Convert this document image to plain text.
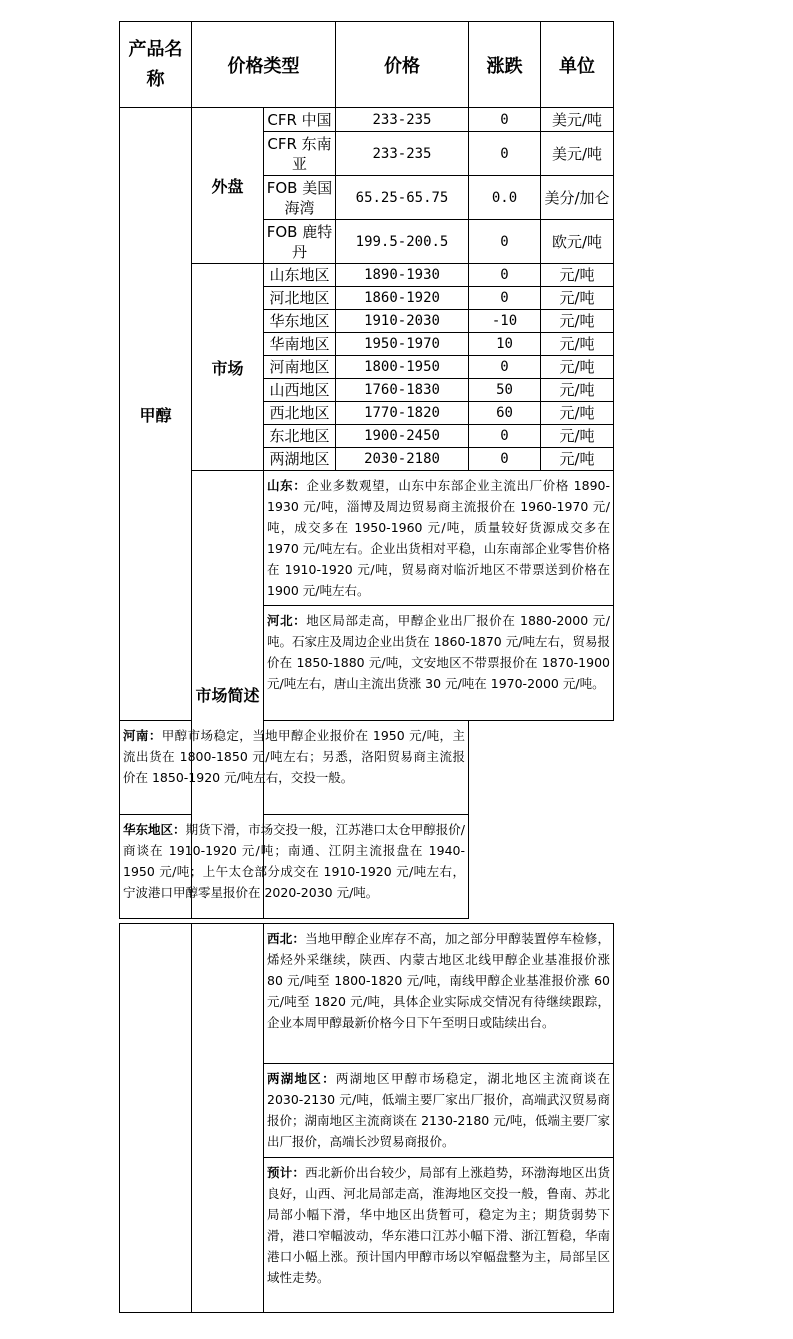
产品名称	价格类型		价格	涨跌	单位
甲醇	外盘	CFR 中国	233-235	0	美元/吨
		CFR 东南亚	233-235	0	美元/吨
		FOB 美国海湾	65.25-65.75	0.0	美分/加仑
		FOB 鹿特丹	199.5-200.5	0	欧元/吨
	市场	山东地区	1890-1930	0	元/吨
		河北地区	1860-1920	0	元/吨
		华东地区	1910-2030	-10	元/吨
		华南地区	1950-1970	10	元/吨
		河南地区	1800-1950	0	元/吨
		山西地区	1760-1830	50	元/吨
		西北地区	1770-1820	60	元/吨
		东北地区	1900-2450	0	元/吨
		两湖地区	2030-2180	0	元/吨
	市场简述	山东：企业多数观望，山东中东部企业主流出厂价格 1890-1930 元/吨，淄博及周边贸易商主流报价在 1960-1970 元/吨，成交多在 1950-1960 元/吨，质量较好货源成交多在 1970 元/吨左右。企业出货相对平稳，山东南部企业零售价格在 1910-1920 元/吨，贸易商对临沂地区不带票送到价格在 1900 元/吨左右。			
		河北：地区局部走高，甲醇企业出厂报价在 1880-2000 元/吨。石家庄及周边企业出货在 1860-1870 元/吨左右，贸易报价在 1850-1880 元/吨，文安地区不带票报价在 1870-1900 元/吨左右，唐山主流出货涨 30 元/吨在 1970-2000 元/吨。			
河南：甲醇市场稳定，当地甲醇企业报价在 1950 元/吨，主流出货在 1800-1850 元/吨左右；另悉，洛阳贸易商主流报价在 1850-1920 元/吨左右，交投一般。					
华东地区：期货下滑，市场交投一般，江苏港口太仓甲醇报价/商谈在 1910-1920 元/吨；南通、江阴主流报盘在 1940-1950 元/吨；上午太仓部分成交在 1910-1920 元/吨左右，宁波港口甲醇零星报价在 2020-2030 元/吨。					
		西北：当地甲醇企业库存不高，加之部分甲醇装置停车检修，烯烃外采继续，陕西、内蒙古地区北线甲醇企业基准报价涨 80 元/吨至 1800-1820 元/吨，南线甲醇企业基准报价涨 60 元/吨至 1820 元/吨，具体企业实际成交情况有待继续跟踪，企业本周甲醇最新价格今日下午至明日或陆续出台。
两湖地区：两湖地区甲醇市场稳定，湖北地区主流商谈在 2030-2130 元/吨，低端主要厂家出厂报价，高端武汉贸易商报价；湖南地区主流商谈在 2130-2180 元/吨，低端主要厂家出厂报价，高端长沙贸易商报价。
预计：西北新价出台较少，局部有上涨趋势，环渤海地区出货良好，山西、河北局部走高，淮海地区交投一般，鲁南、苏北局部小幅下滑，华中地区出货暂可，稳定为主；期货弱势下滑，港口窄幅波动，华东港口江苏小幅下滑、浙江暂稳，华南港口小幅上涨。预计国内甲醇市场以窄幅盘整为主，局部呈区域性走势。
